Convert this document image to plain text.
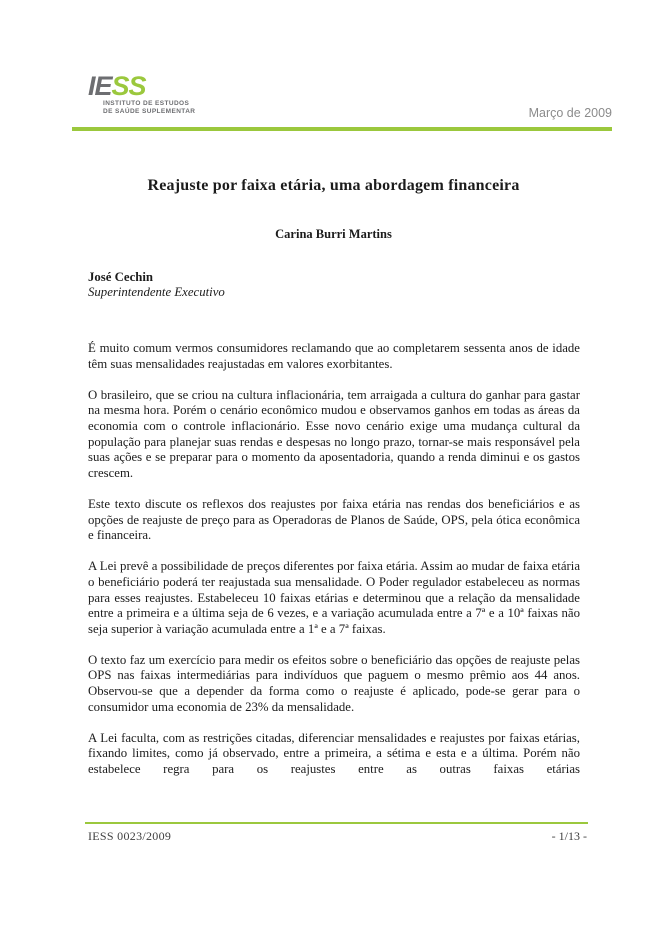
IESS
INSTITUTO DE ESTUDOS
DE SAÚDE SUPLEMENTAR	Março de 2009
Reajuste por faixa etária, uma abordagem financeira
Carina Burri Martins
José Cechin
Superintendente Executivo

É muito comum vermos consumidores reclamando que ao completarem sessenta anos de idade têm suas mensalidades reajustadas em valores exorbitantes.

O brasileiro, que se criou na cultura inflacionária, tem arraigada a cultura do ganhar para gastar na mesma hora. Porém o cenário econômico mudou e observamos ganhos em todas as áreas da economia com o controle inflacionário. Esse novo cenário exige uma mudança cultural da população para planejar suas rendas e despesas no longo prazo, tornar-se mais responsável pela suas ações e se preparar para o momento da aposentadoria, quando a renda diminui e os gastos crescem.

Este texto discute os reflexos dos reajustes por faixa etária nas rendas dos beneficiários e as opções de reajuste de preço para as Operadoras de Planos de Saúde, OPS, pela ótica econômica e financeira.

A Lei prevê a possibilidade de preços diferentes por faixa etária. Assim ao mudar de faixa etária o beneficiário poderá ter reajustada sua mensalidade. O Poder regulador estabeleceu as normas para esses reajustes. Estabeleceu 10 faixas etárias e determinou que a relação da mensalidade entre a primeira e a última seja de 6 vezes, e a variação acumulada entre a 7ª e a 10ª faixas não seja superior à variação acumulada entre a 1ª e a 7ª faixas.

O texto faz um exercício para medir os efeitos sobre o beneficiário das opções de reajuste pelas OPS nas faixas intermediárias para indivíduos que paguem o mesmo prêmio aos 44 anos. Observou-se que a depender da forma como o reajuste é aplicado, pode-se gerar para o consumidor uma economia de 23% da mensalidade.

A Lei faculta, com as restrições citadas, diferenciar mensalidades e reajustes por faixas etárias, fixando limites, como já observado, entre a primeira, a sétima e esta e a última. Porém não estabelece regra para os reajustes entre as outras faixas etárias

IESS 0023/2009	- 1/13 -
